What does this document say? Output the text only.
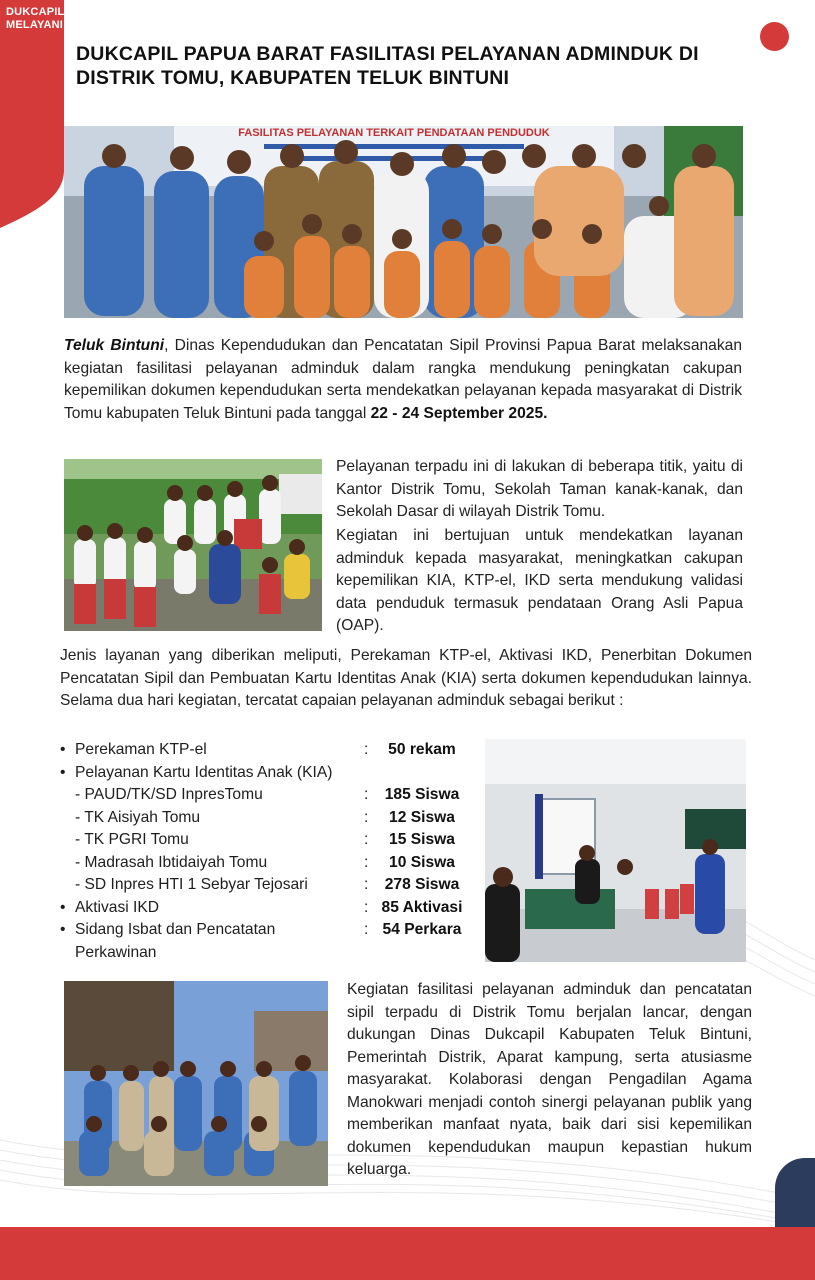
DUKCAPIL MELAYANI
DUKCAPIL PAPUA BARAT FASILITASI PELAYANAN ADMINDUK DI DISTRIK TOMU, KABUPATEN TELUK BINTUNI
FASILITAS PELAYANAN TERKAIT PENDATAAN PENDUDUK

Teluk Bintuni, Dinas Kependudukan dan Pencatatan Sipil Provinsi Papua Barat melaksanakan kegiatan fasilitasi pelayanan adminduk dalam rangka mendukung peningkatan cakupan kepemilikan dokumen kependudukan serta mendekatkan pelayanan kepada masyarakat di Distrik Tomu kabupaten Teluk Bintuni pada tanggal 22 - 24 September 2025.

Pelayanan terpadu ini di lakukan di beberapa titik, yaitu di Kantor Distrik Tomu, Sekolah Taman kanak-kanak, dan Sekolah Dasar di wilayah Distrik Tomu.

Kegiatan ini bertujuan untuk mendekatkan layanan adminduk kepada masyarakat, meningkatkan cakupan kepemilikan KIA, KTP-el, IKD serta mendukung validasi data penduduk termasuk pendataan Orang Asli Papua (OAP).

Jenis layanan yang diberikan meliputi, Perekaman KTP-el, Aktivasi IKD, Penerbitan Dokumen Pencatatan Sipil dan Pembuatan Kartu Identitas Anak (KIA) serta dokumen kependudukan lainnya. Selama dua hari kegiatan, tercatat capaian pelayanan adminduk sebagai berikut :

• Perekaman KTP-el	:	50 rekam
• Pelayanan Kartu Identitas Anak (KIA)
- PAUD/TK/SD InpresTomu	:	185 Siswa
- TK Aisiyah Tomu	:	12 Siswa
- TK PGRI Tomu	:	15 Siswa
- Madrasah Ibtidaiyah Tomu	:	10 Siswa
- SD Inpres HTI 1 Sebyar Tejosari	:	278 Siswa
• Aktivasi IKD	: 85 Aktivasi
• Sidang Isbat dan Pencatatan Perkawinan
: 54 Perkara

Kegiatan fasilitasi pelayanan adminduk dan pencatatan sipil terpadu di Distrik Tomu berjalan lancar, dengan dukungan Dinas Dukcapil Kabupaten Teluk Bintuni, Pemerintah Distrik, Aparat kampung, serta atusiasme masyarakat. Kolaborasi dengan Pengadilan Agama Manokwari menjadi contoh sinergi pelayanan publik yang memberikan manfaat nyata, baik dari sisi kepemilikan dokumen kependudukan maupun kepastian hukum keluarga.
